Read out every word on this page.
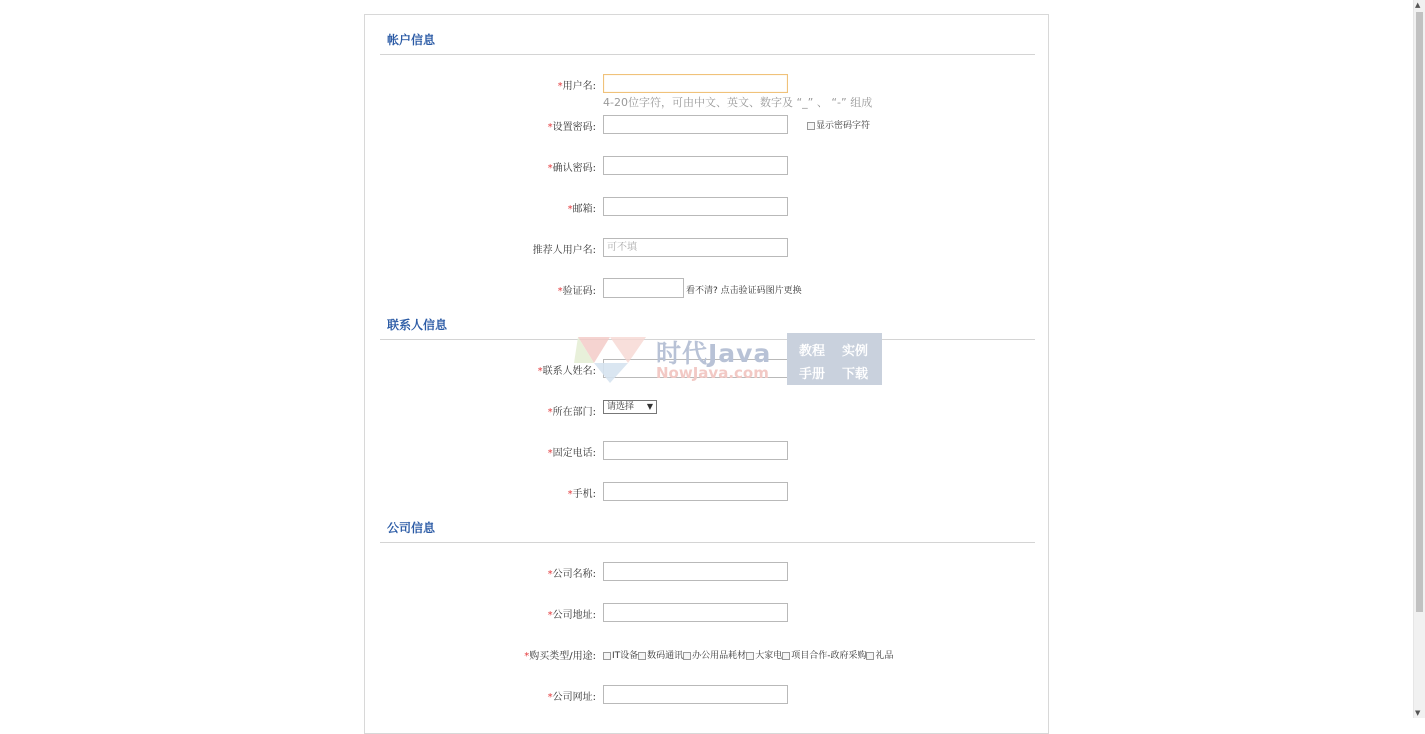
帐户信息
*用户名:
4-20位字符，可由中文、英文、数字及 “_” 、 “-” 组成
*设置密码:	显示密码字符
*确认密码:
*邮箱:
推荐人用户名:
可不填
*验证码:	看不清? 点击验证码图片更换
联系人信息
*联系人姓名:
*所在部门:	请选择 ▼
*固定电话:
*手机:
公司信息
*公司名称:
*公司地址:
*购买类型/用途:	IT设备 数码通讯 办公用品耗材 大家电 项目合作-政府采购 礼品
*公司网址:
时代Java
NowJava.com
教程 实例
手册 下载
▲
▼
